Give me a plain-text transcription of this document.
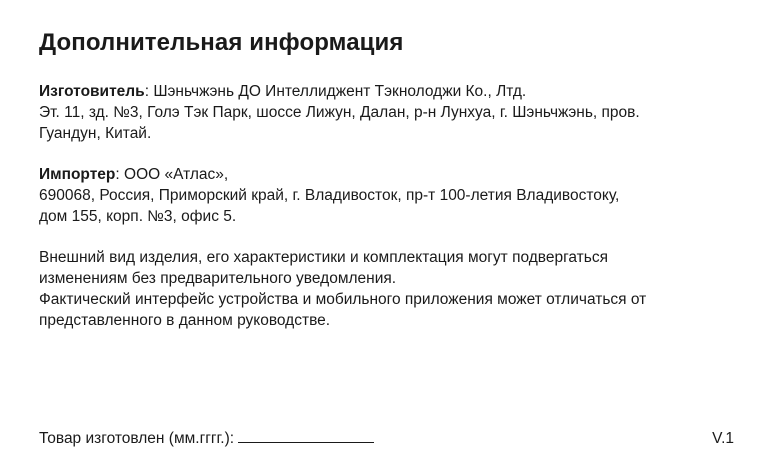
Дополнительная информация
Изготовитель: Шэньчжэнь ДО Интеллиджент Тэкнолоджи Ко., Лтд.
Эт. 11, зд. №3, Голэ Тэк Парк, шоссе Лижун, Далан, р-н Лунхуа, г. Шэньчжэнь, пров.
Гуандун, Китай.
Импортер: ООО «Атлас»,
690068, Россия, Приморский край, г. Владивосток, пр-т 100-летия Владивостоку,
дом 155, корп. №3, офис 5.
Внешний вид изделия, его характеристики и комплектация могут подвергаться
изменениям без предварительного уведомления.
Фактический интерфейс устройства и мобильного приложения может отличаться от
представленного в данном руководстве.
Товар изготовлен (мм.гггг.):	V.1
